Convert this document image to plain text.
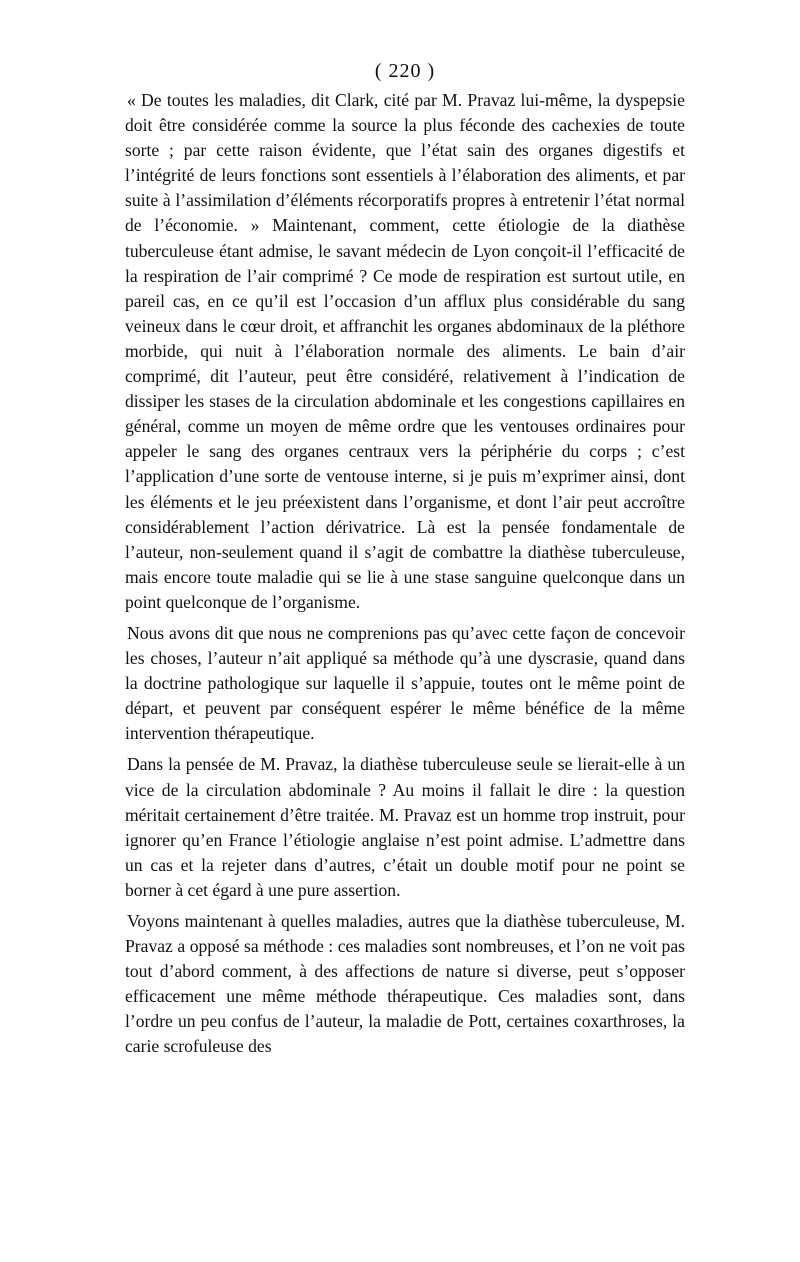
( 220 )

« De toutes les maladies, dit Clark, cité par M. Pravaz lui-même, la dyspepsie doit être considérée comme la source la plus féconde des cachexies de toute sorte ; par cette raison évidente, que l’état sain des organes digestifs et l’intégrité de leurs fonctions sont essentiels à l’élaboration des aliments, et par suite à l’assimilation d’éléments récorporatifs propres à entretenir l’état normal de l’économie. » Maintenant, comment, cette étiologie de la diathèse tuberculeuse étant admise, le savant médecin de Lyon conçoit-il l’efficacité de la respiration de l’air comprimé ? Ce mode de respiration est surtout utile, en pareil cas, en ce qu’il est l’occasion d’un afflux plus considérable du sang veineux dans le cœur droit, et affranchit les organes abdominaux de la pléthore morbide, qui nuit à l’élaboration normale des aliments. Le bain d’air comprimé, dit l’auteur, peut être considéré, relativement à l’indication de dissiper les stases de la circulation abdominale et les congestions capillaires en général, comme un moyen de même ordre que les ventouses ordinaires pour appeler le sang des organes centraux vers la périphérie du corps ; c’est l’application d’une sorte de ventouse interne, si je puis m’exprimer ainsi, dont les éléments et le jeu préexistent dans l’organisme, et dont l’air peut accroître considérablement l’action dérivatrice. Là est la pensée fondamentale de l’auteur, non-seulement quand il s’agit de combattre la diathèse tuberculeuse, mais encore toute maladie qui se lie à une stase sanguine quelconque dans un point quelconque de l’organisme.

Nous avons dit que nous ne comprenions pas qu’avec cette façon de concevoir les choses, l’auteur n’ait appliqué sa méthode qu’à une dyscrasie, quand dans la doctrine pathologique sur laquelle il s’appuie, toutes ont le même point de départ, et peuvent par conséquent espérer le même bénéfice de la même intervention thérapeutique.

Dans la pensée de M. Pravaz, la diathèse tuberculeuse seule se lierait-elle à un vice de la circulation abdominale ? Au moins il fallait le dire : la question méritait certainement d’être traitée. M. Pravaz est un homme trop instruit, pour ignorer qu’en France l’étiologie anglaise n’est point admise. L’admettre dans un cas et la rejeter dans d’autres, c’était un double motif pour ne point se borner à cet égard à une pure assertion.

Voyons maintenant à quelles maladies, autres que la diathèse tuberculeuse, M. Pravaz a opposé sa méthode : ces maladies sont nombreuses, et l’on ne voit pas tout d’abord comment, à des affections de nature si diverse, peut s’opposer efficacement une même méthode thérapeutique. Ces maladies sont, dans l’ordre un peu confus de l’auteur, la maladie de Pott, certaines coxarthroses, la carie scrofuleuse des
